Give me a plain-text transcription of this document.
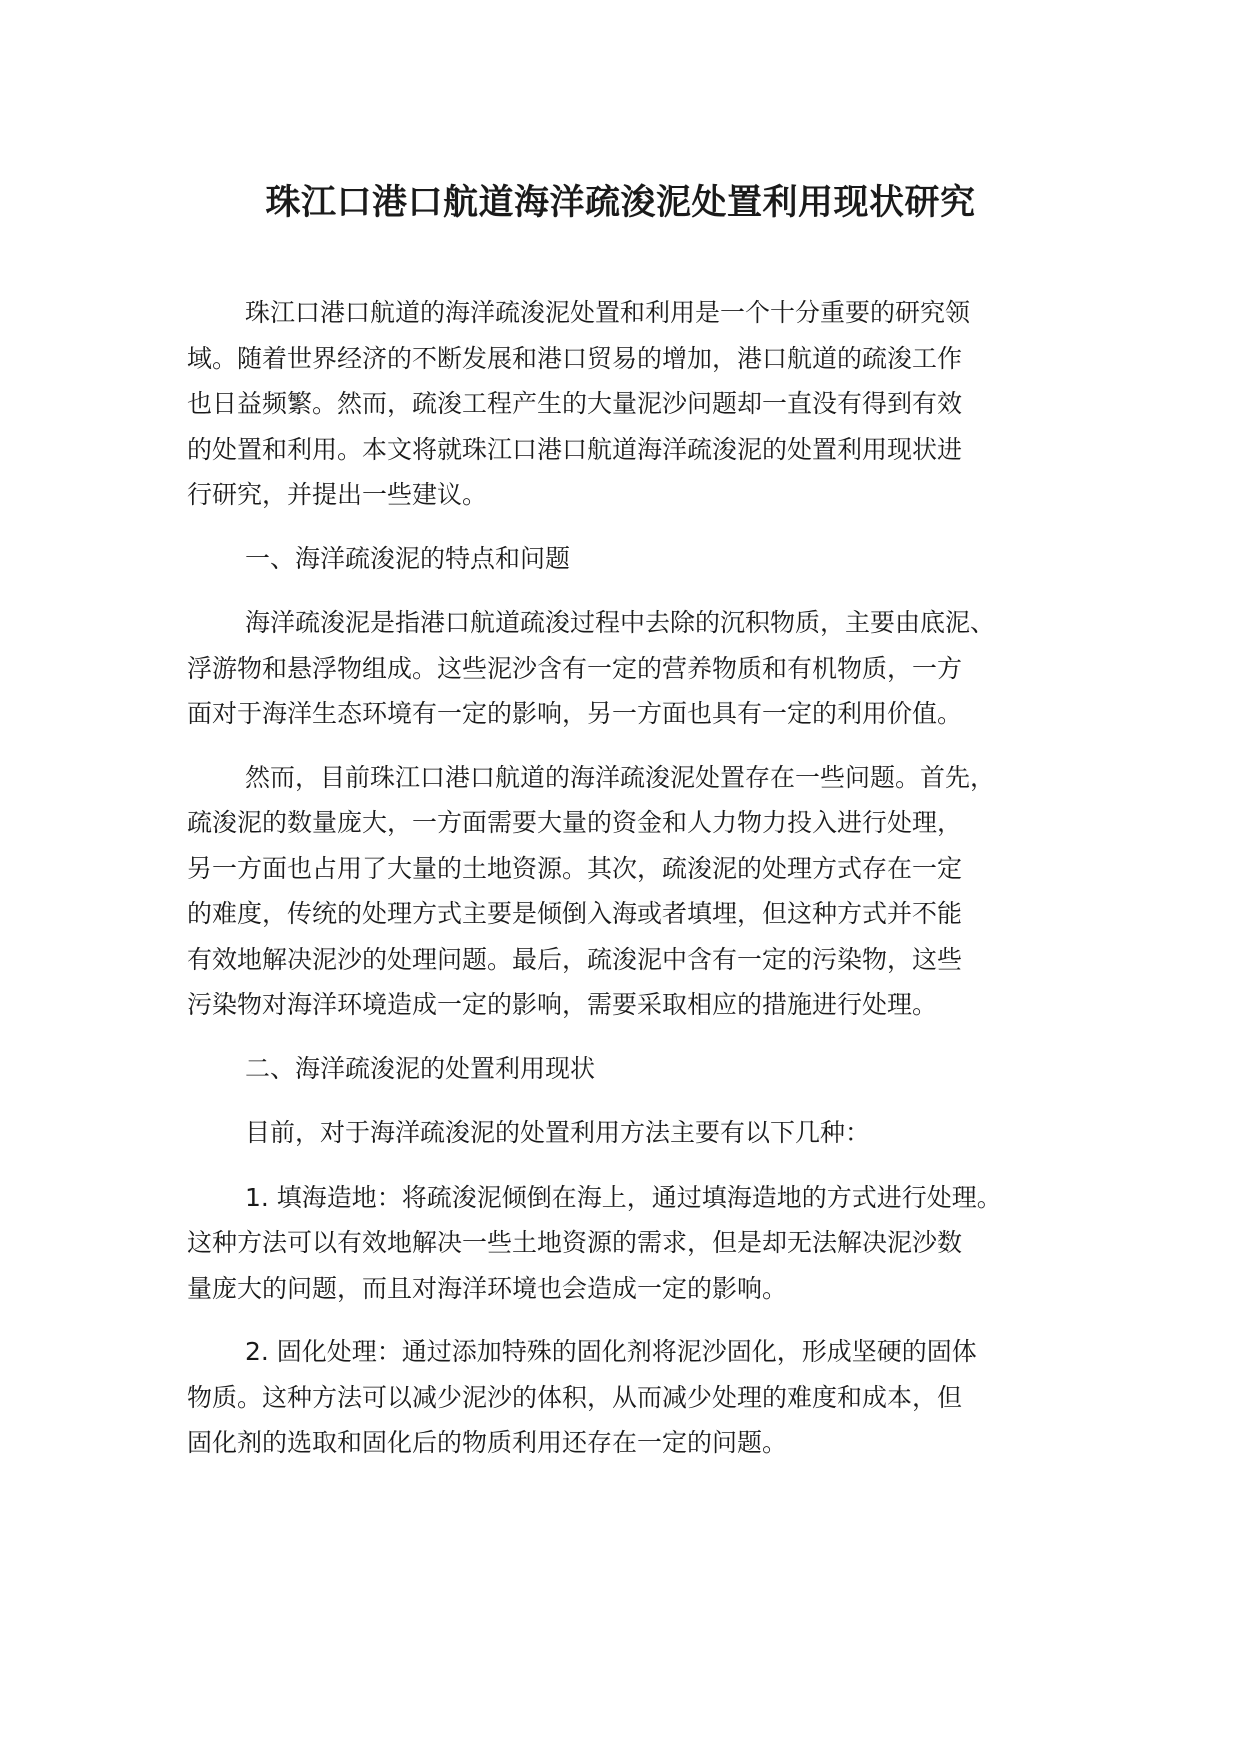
珠江口港口航道海洋疏浚泥处置利用现状研究

珠江口港口航道的海洋疏浚泥处置和利用是一个十分重要的研究领
域。随着世界经济的不断发展和港口贸易的增加，港口航道的疏浚工作
也日益频繁。然而，疏浚工程产生的大量泥沙问题却一直没有得到有效
的处置和利用。本文将就珠江口港口航道海洋疏浚泥的处置利用现状进
行研究，并提出一些建议。

一、海洋疏浚泥的特点和问题

海洋疏浚泥是指港口航道疏浚过程中去除的沉积物质，主要由底泥、
浮游物和悬浮物组成。这些泥沙含有一定的营养物质和有机物质，一方
面对于海洋生态环境有一定的影响，另一方面也具有一定的利用价值。

然而，目前珠江口港口航道的海洋疏浚泥处置存在一些问题。首先，
疏浚泥的数量庞大，一方面需要大量的资金和人力物力投入进行处理，
另一方面也占用了大量的土地资源。其次，疏浚泥的处理方式存在一定
的难度，传统的处理方式主要是倾倒入海或者填埋，但这种方式并不能
有效地解决泥沙的处理问题。最后，疏浚泥中含有一定的污染物，这些
污染物对海洋环境造成一定的影响，需要采取相应的措施进行处理。

二、海洋疏浚泥的处置利用现状
目前，对于海洋疏浚泥的处置利用方法主要有以下几种：

1. 填海造地：将疏浚泥倾倒在海上，通过填海造地的方式进行处理。
这种方法可以有效地解决一些土地资源的需求，但是却无法解决泥沙数
量庞大的问题，而且对海洋环境也会造成一定的影响。

2. 固化处理：通过添加特殊的固化剂将泥沙固化，形成坚硬的固体
物质。这种方法可以减少泥沙的体积，从而减少处理的难度和成本，但
固化剂的选取和固化后的物质利用还存在一定的问题。
